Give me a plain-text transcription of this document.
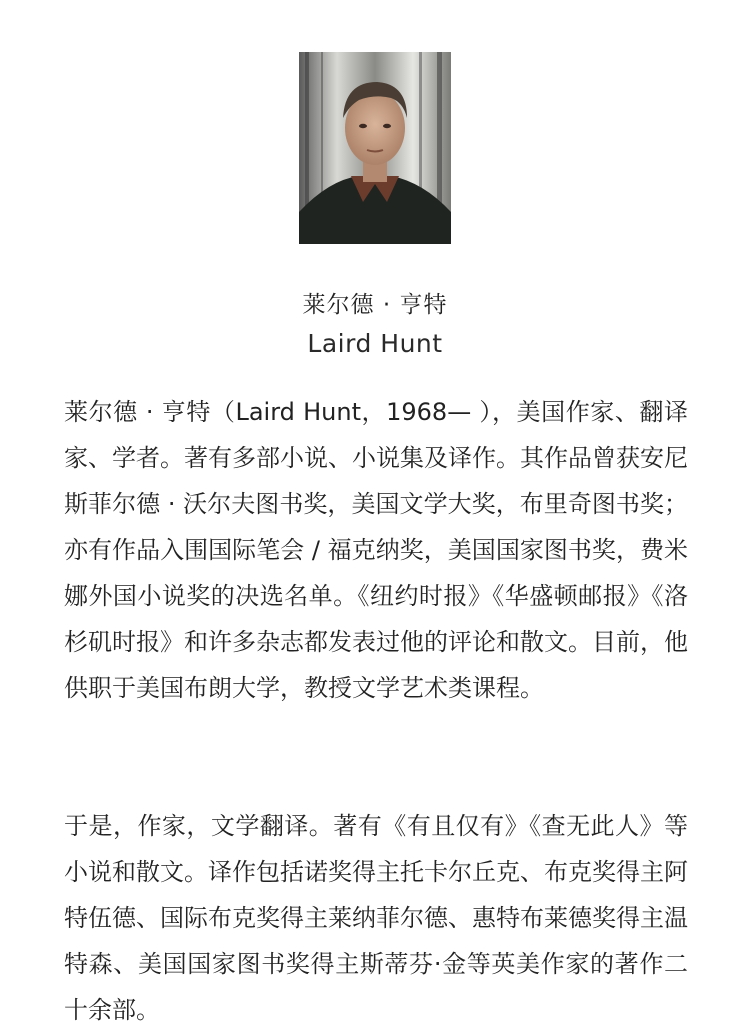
莱尔德 · 亨特
Laird Hunt

莱尔德 · 亨特（Laird Hunt，1968— ），美国作家、翻译家、学者。著有多部小说、小说集及译作。其作品曾获安尼斯菲尔德 · 沃尔夫图书奖，美国文学大奖，布里奇图书奖；亦有作品入围国际笔会 / 福克纳奖，美国国家图书奖，费米娜外国小说奖的决选名单。《纽约时报》《华盛顿邮报》《洛杉矶时报》和许多杂志都发表过他的评论和散文。目前，他供职于美国布朗大学，教授文学艺术类课程。

于是，作家，文学翻译。著有《有且仅有》《查无此人》等小说和散文。译作包括诺奖得主托卡尔丘克、布克奖得主阿特伍德、国际布克奖得主莱纳菲尔德、惠特布莱德奖得主温特森、美国国家图书奖得主斯蒂芬·金等英美作家的著作二十余部。
